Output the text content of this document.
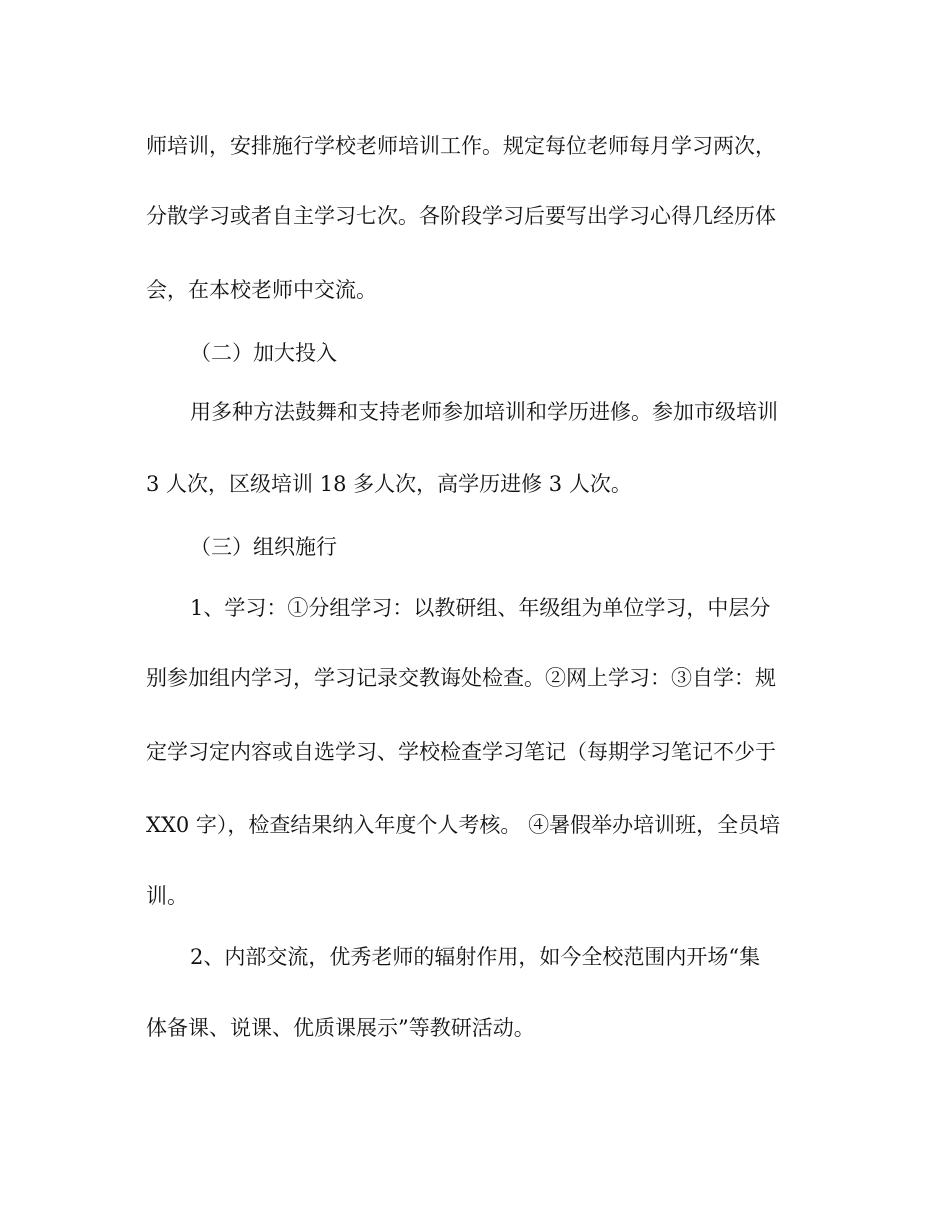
师培训，安排施行学校老师培训工作。规定每位老师每月学习两次，
分散学习或者自主学习七次。各阶段学习后要写出学习心得几经历体
会，在本校老师中交流。
（二）加大投入
用多种方法鼓舞和支持老师参加培训和学历进修。参加市级培训
3 人次，区级培训 18 多人次，高学历进修 3 人次。
（三）组织施行
1、学习：①分组学习：以教研组、年级组为单位学习，中层分
别参加组内学习，学习记录交教诲处检查。②网上学习：③自学：规
定学习定内容或自选学习、学校检查学习笔记（每期学习笔记不少于
XX0 字），检查结果纳入年度个人考核。 ④暑假举办培训班，全员培
训。
2、内部交流，优秀老师的辐射作用，如今全校范围内开场“集
体备课、说课、优质课展示”等教研活动。
